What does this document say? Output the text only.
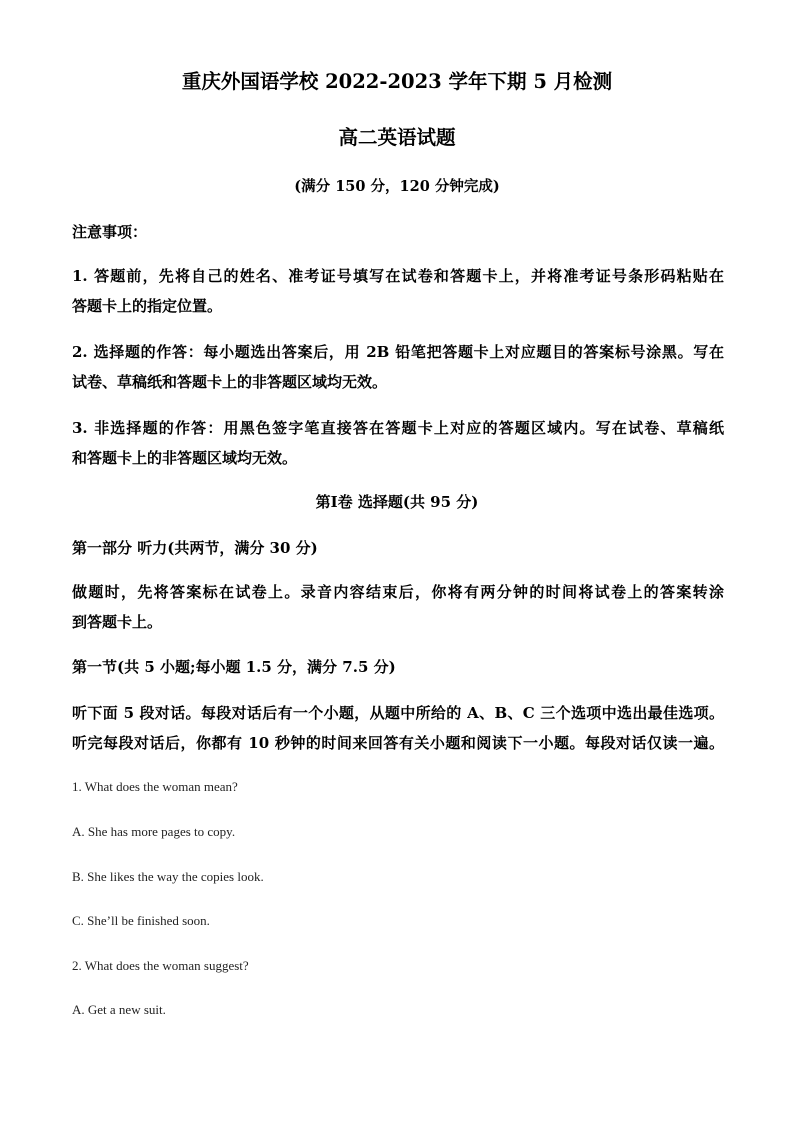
重庆外国语学校 2022-2023 学年下期 5 月检测
高二英语试题
(满分 150 分，120 分钟完成)
注意事项：
1. 答题前，先将自己的姓名、准考证号填写在试卷和答题卡上，并将准考证号条形码粘贴在
答题卡上的指定位置。
2. 选择题的作答：每小题选出答案后，用 2B 铅笔把答题卡上对应题目的答案标号涂黑。写在
试卷、草稿纸和答题卡上的非答题区域均无效。
3. 非选择题的作答：用黑色签字笔直接答在答题卡上对应的答题区域内。写在试卷、草稿纸
和答题卡上的非答题区域均无效。
第Ⅰ卷 选择题(共 95 分)
第一部分 听力(共两节，满分 30 分)
做题时，先将答案标在试卷上。录音内容结束后，你将有两分钟的时间将试卷上的答案转涂
到答题卡上。
第一节(共 5 小题;每小题 1.5 分，满分 7.5 分)
听下面 5 段对话。每段对话后有一个小题，从题中所给的 A、B、C 三个选项中选出最佳选项。
听完每段对话后，你都有 10 秒钟的时间来回答有关小题和阅读下一小题。每段对话仅读一遍。
1. What does the woman mean?
A. She has more pages to copy.
B. She likes the way the copies look.
C. She’ll be finished soon.
2. What does the woman suggest?
A. Get a new suit.
